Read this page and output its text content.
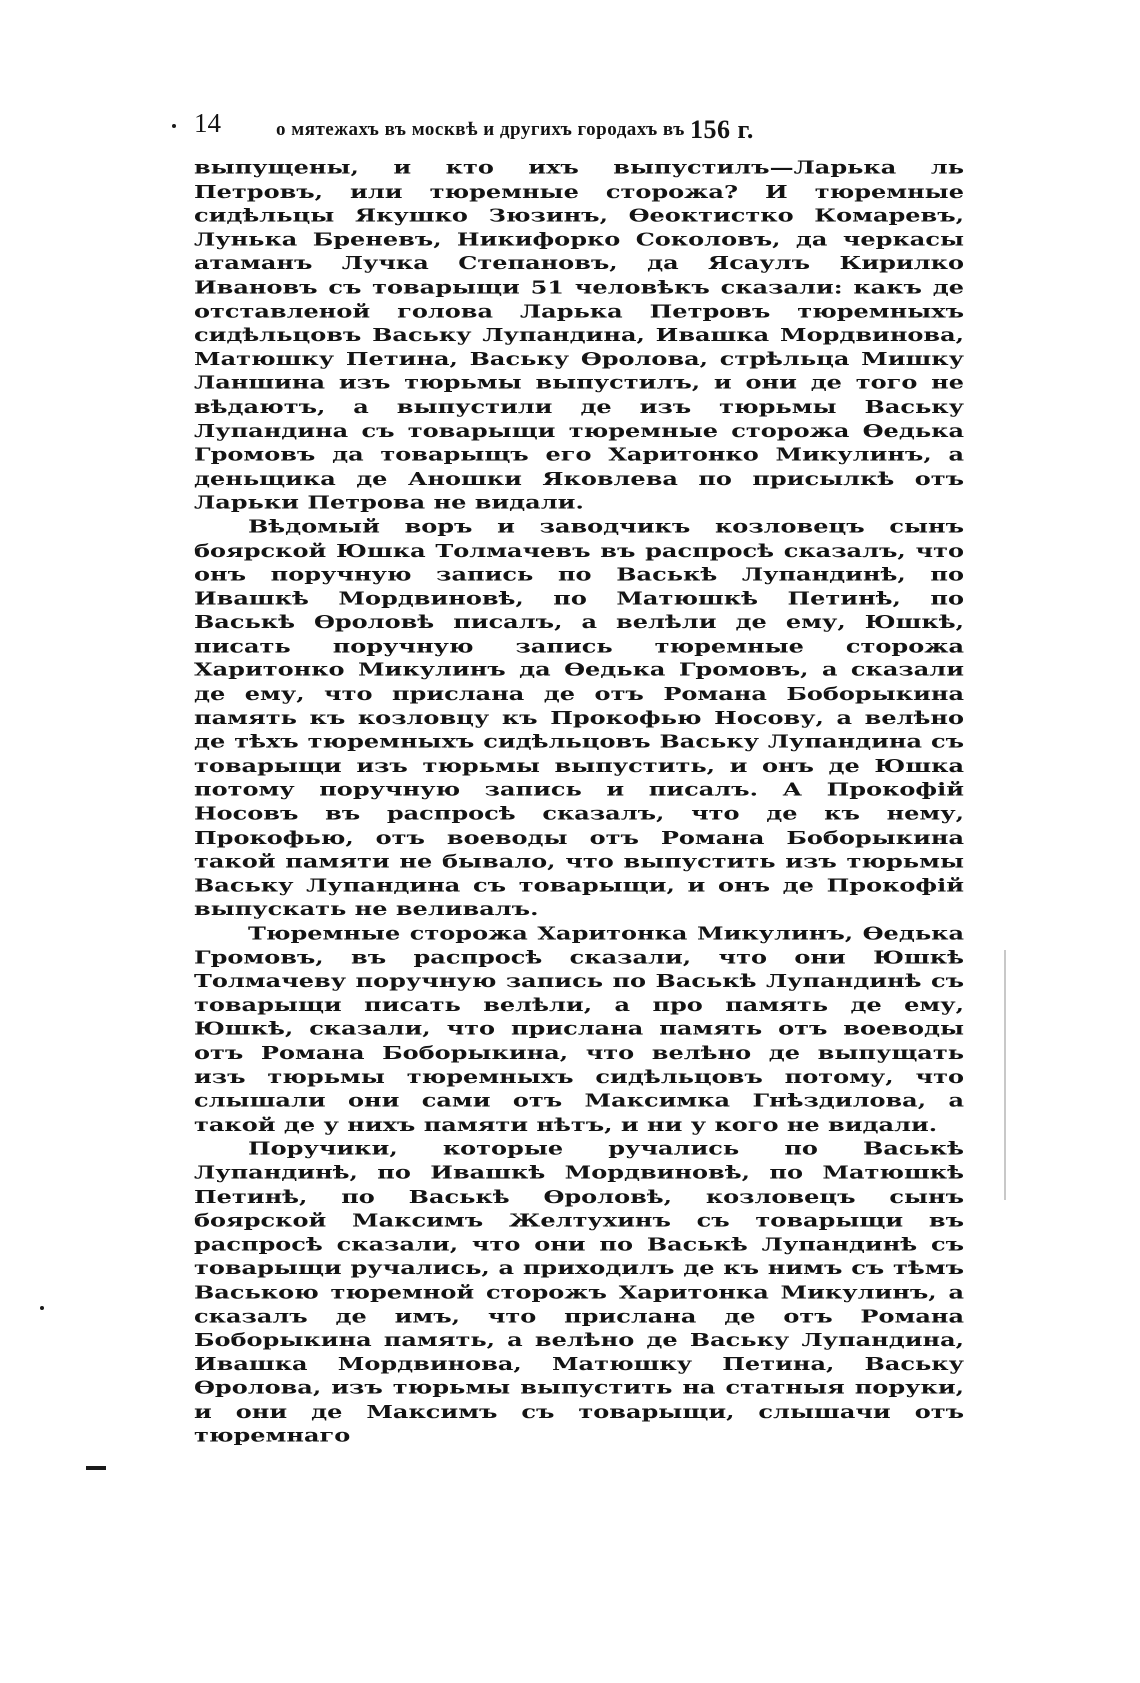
14	о мятежахъ въ москвѣ и другихъ городахъ въ 156 г.

выпущены, и кто ихъ выпустилъ—Ларька ль Петровъ, или тюремные сторожа? И тюремные сидѣльцы Якушко Зюзинъ, Ѳеоктистко Комаревъ, Лунька Бреневъ, Никифорко Соколовъ, да черкасы атаманъ Лучка Степановъ, да Ясаулъ Кирилко Ивановъ съ товарыщи 51 человѣкъ сказали: какъ де отставленой голова Ларька Петровъ тюремныхъ сидѣльцовъ Ваську Лупандина, Ивашка Мордвинова, Матюшку Петина, Ваську Ѳролова, стрѣльца Мишку Ланшина изъ тюрьмы выпустилъ, и они де того не вѣдаютъ, а выпустили де изъ тюрьмы Ваську Лупандина съ товарыщи тюремные сторожа Ѳедька Громовъ да товарыщъ его Харитонко Микулинъ, а деньщика де Аношки Яковлева по присылкѣ отъ Ларьки Петрова не видали.

Вѣдомый воръ и заводчикъ козловецъ сынъ боярской Юшка Толмачевъ въ распросѣ сказалъ, что онъ поручную запись по Васькѣ Лупандинѣ, по Ивашкѣ Мордвиновѣ, по Матюшкѣ Петинѣ, по Васькѣ Ѳроловѣ писалъ, а велѣли де ему, Юшкѣ, писать поручную запись тюремные сторожа Харитонко Микулинъ да Ѳедька Громовъ, а сказали де ему, что прислана де отъ Романа Боборыкина память къ козловцу къ Прокофью Носову, а велѣно де тѣхъ тюремныхъ сидѣльцовъ Ваську Лупандина съ товарыщи изъ тюрьмы выпустить, и онъ де Юшка потому поручную запись и писалъ. А Прокофій Носовъ въ распросѣ сказалъ, что де къ нему, Прокофью, отъ воеводы отъ Романа Боборыкина такой памяти не бывало, что выпустить изъ тюрьмы Ваську Лупандина съ товарыщи, и онъ де Прокофій выпускать не веливалъ.

Тюремные сторожа Харитонка Микулинъ, Ѳедька Громовъ, въ распросѣ сказали, что они Юшкѣ Толмачеву поручную запись по Васькѣ Лупандинѣ съ товарыщи писать велѣли, а про память де ему, Юшкѣ, сказали, что прислана память отъ воеводы отъ Романа Боборыкина, что велѣно де выпущать изъ тюрьмы тюремныхъ сидѣльцовъ потому, что слышали они сами отъ Максимка Гнѣздилова, а такой де у нихъ памяти нѣтъ, и ни у кого не видали.

Поручики, которые ручались по Васькѣ Лупандинѣ, по Ивашкѣ Мордвиновѣ, по Матюшкѣ Петинѣ, по Васькѣ Ѳроловѣ, козловецъ сынъ боярской Максимъ Желтухинъ съ товарыщи въ распросѣ сказали, что они по Васькѣ Лупандинѣ съ товарыщи ручались, а приходилъ де къ нимъ съ тѣмъ Ваською тюремной сторожъ Харитонка Микулинъ, а сказалъ де имъ, что прислана де отъ Романа Боборыкина память, а велѣно де Ваську Лупандина, Ивашка Мордвинова, Матюшку Петина, Ваську Ѳролова, изъ тюрьмы выпустить на статныя поруки, и они де Максимъ съ товарыщи, слышачи отъ тюремнаго
